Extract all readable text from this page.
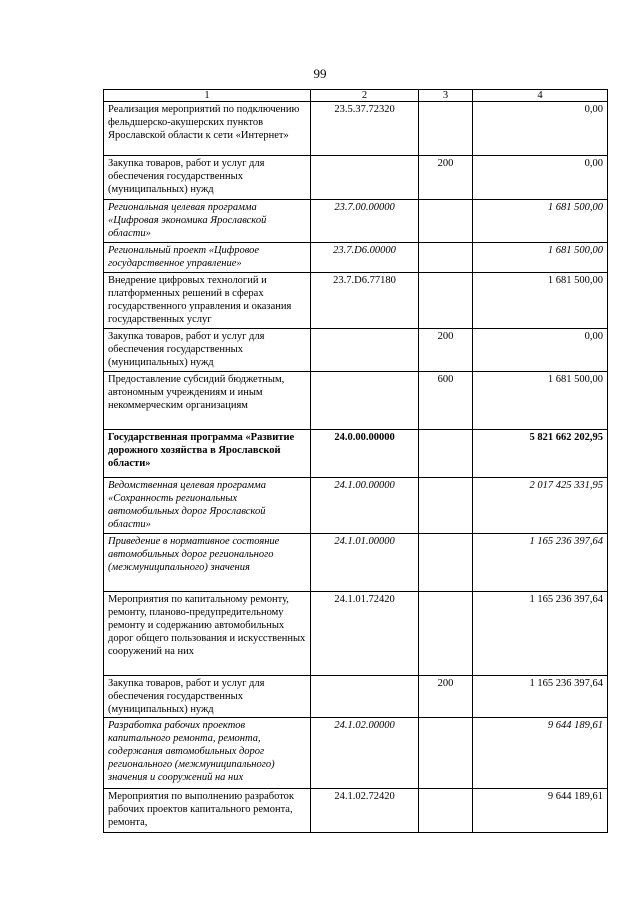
99
1	2	3	4
Реализация мероприятий по подключению фельдшерско-акушерских пунктов Ярославской области к сети «Интернет»	23.5.37.72320		0,00
Закупка товаров, работ и услуг для обеспечения государственных (муниципальных) нужд		200	0,00
Региональная целевая программа «Цифровая экономика Ярославской области»	23.7.00.00000		1 681 500,00
Региональный проект «Цифровое государственное управление»	23.7.D6.00000		1 681 500,00
Внедрение цифровых технологий и платформенных решений в сферах государственного управления и оказания государственных услуг	23.7.D6.77180		1 681 500,00
Закупка товаров, работ и услуг для обеспечения государственных (муниципальных) нужд		200	0,00
Предоставление субсидий бюджетным, автономным учреждениям и иным некоммерческим организациям		600	1 681 500,00
Государственная программа «Развитие дорожного хозяйства в Ярославской области»	24.0.00.00000		5 821 662 202,95
Ведомственная целевая программа «Сохранность региональных автомобильных дорог Ярославской области»	24.1.00.00000		2 017 425 331,95
Приведение в нормативное состояние автомобильных дорог регионального (межмуниципального) значения	24.1.01.00000		1 165 236 397,64
Мероприятия по капитальному ремонту, ремонту, планово-предупредительному ремонту и содержанию автомобильных дорог общего пользования и искусственных сооружений на них	24.1.01.72420		1 165 236 397,64
Закупка товаров, работ и услуг для обеспечения государственных (муниципальных) нужд		200	1 165 236 397,64
Разработка рабочих проектов капитального ремонта, ремонта, содержания автомобильных дорог регионального (межмуниципального) значения и сооружений на них	24.1.02.00000		9 644 189,61
Мероприятия по выполнению разработок рабочих проектов капитального ремонта, ремонта,	24.1.02.72420		9 644 189,61
